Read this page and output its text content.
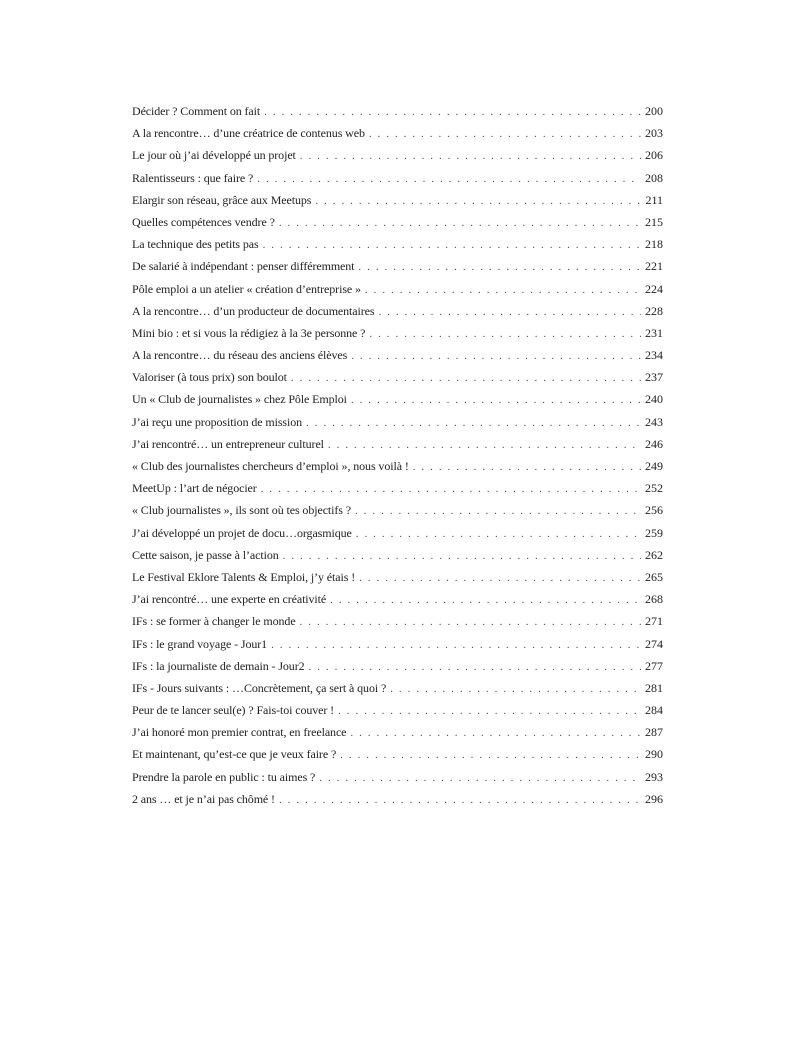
Décider ? Comment on fait . . .	200
A la rencontre… d’une créatrice de contenus web . . .	203
Le jour où j’ai développé un projet . . .	206
Ralentisseurs : que faire ? . . .	208
Elargir son réseau, grâce aux Meetups . . .	211
Quelles compétences vendre ? . . .	215
La technique des petits pas . . .	218
De salarié à indépendant : penser différemment . . .	221
Pôle emploi a un atelier « création d’entreprise » . . .	224
A la rencontre… d’un producteur de documentaires . . .	228
Mini bio : et si vous la rédigiez à la 3e personne ? . . .	231
A la rencontre… du réseau des anciens élèves . . .	234
Valoriser (à tous prix) son boulot . . .	237
Un « Club de journalistes » chez Pôle Emploi . . .	240
J’ai reçu une proposition de mission . . .	243
J’ai rencontré… un entrepreneur culturel . . .	246
« Club des journalistes chercheurs d’emploi », nous voilà ! . . .	249
MeetUp : l’art de négocier . . .	252
« Club journalistes », ils sont où tes objectifs ? . . .	256
J’ai développé un projet de docu…orgasmique . . .	259
Cette saison, je passe à l’action . . .	262
Le Festival Eklore Talents & Emploi, j’y étais ! . . .	265
J’ai rencontré… une experte en créativité . . .	268
IFs : se former à changer le monde . . .	271
IFs : le grand voyage - Jour1 . . .	274
IFs : la journaliste de demain - Jour2 . . .	277
IFs - Jours suivants : …Concrètement, ça sert à quoi ? . . .	281
Peur de te lancer seul(e) ? Fais-toi couver ! . . .	284
J’ai honoré mon premier contrat, en freelance . . .	287
Et maintenant, qu’est-ce que je veux faire ? . . .	290
Prendre la parole en public : tu aimes ? . . .	293
2 ans … et je n’ai pas chômé ! . . .	296
